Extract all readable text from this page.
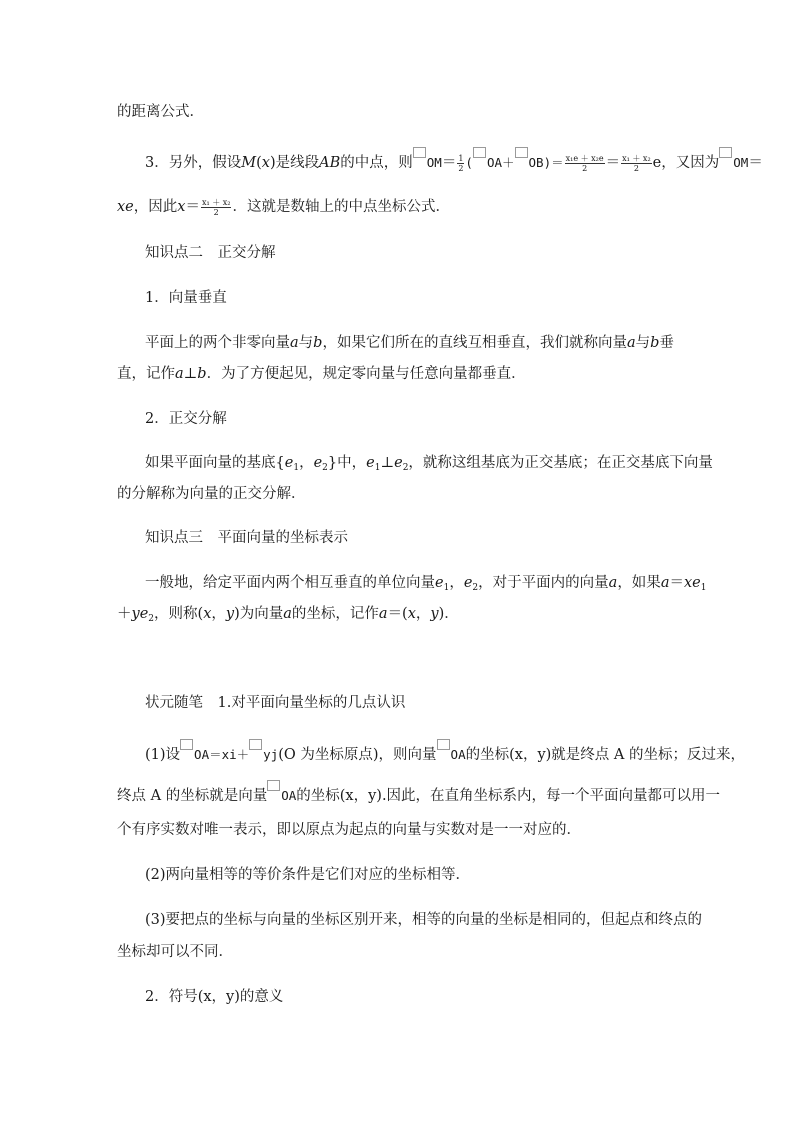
的距离公式．
3．另外，假设M(x)是线段AB的中点，则 $OM= \frac{1}{2}$ ( $OA+ OB)= \frac{\text{x₁e ＋ x₂e}}{2} = \frac{\text{x₁ ＋ x₂}}{2}$ e，又因为 OM＝
xe，因此$x= \frac{\text{x₁ ＋ x₂}}{2}$ ．这就是数轴上的中点坐标公式．
知识点二　正交分解
1．向量垂直
平面上的两个非零向量a与b，如果它们所在的直线互相垂直，我们就称向量a与b垂
直，记作a⊥b．为了方便起见，规定零向量与任意向量都垂直．
2．正交分解
如果平面向量的基底{$e_1$，$e_2$}中，$e_1\perp e_2$，就称这组基底为正交基底；在正交基底下向量
的分解称为向量的正交分解．
知识点三　平面向量的坐标表示
一般地，给定平面内两个相互垂直的单位向量$e_1$，$e_2$，对于平面内的向量a，如果$a=xe_1$
$+ye_2$，则称(x，y)为向量a的坐标，记作a＝(x，y)．
状元随笔　1.对平面向量坐标的几点认识
(1)设 OA＝xi＋ yj(O 为坐标原点)，则向量 OA的坐标(x，y)就是终点 A 的坐标；反过来，
终点 A 的坐标就是向量 OA的坐标(x，y).因此，在直角坐标系内，每一个平面向量都可以用一
个有序实数对唯一表示，即以原点为起点的向量与实数对是一一对应的．
(2)两向量相等的等价条件是它们对应的坐标相等．
(3)要把点的坐标与向量的坐标区别开来，相等的向量的坐标是相同的，但起点和终点的
坐标却可以不同．
2．符号(x，y)的意义
